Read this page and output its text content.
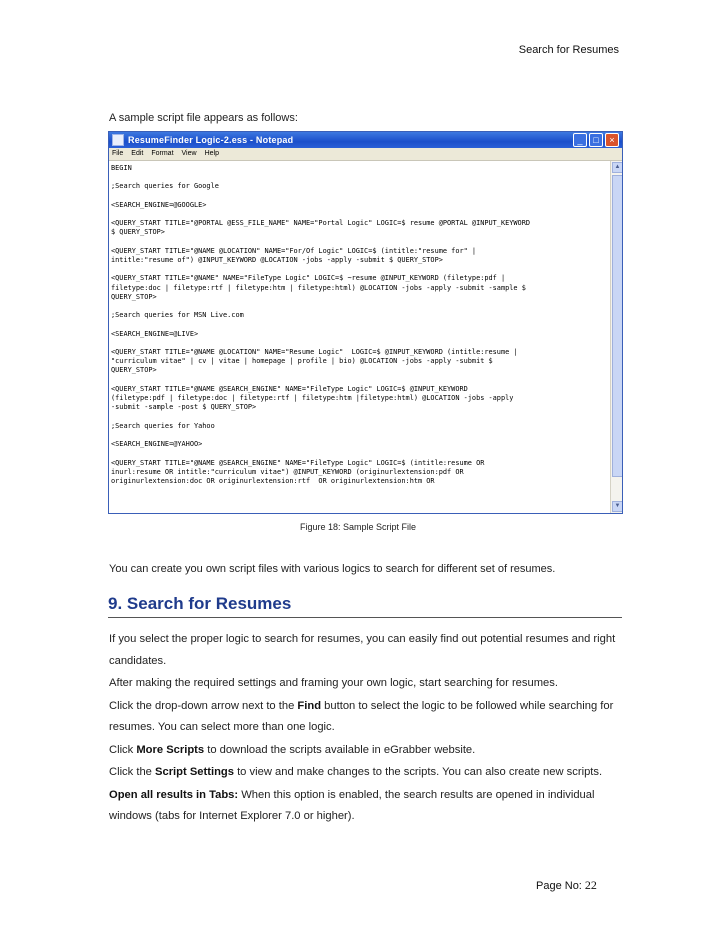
Search for Resumes
A sample script file appears as follows:
ResumeFinder Logic-2.ess - Notepad	_	□	×
File Edit Format View Help
BEGIN

;Search queries for Google

<SEARCH_ENGINE=@GOOGLE>

<QUERY_START TITLE="@PORTAL @ESS_FILE_NAME" NAME="Portal Logic" LOGIC=$ resume @PORTAL @INPUT_KEYWORD
$ QUERY_STOP>

<QUERY_START TITLE="@NAME @LOCATION" NAME="For/Of Logic" LOGIC=$ (intitle:"resume for" |
intitle:"resume of") @INPUT_KEYWORD @LOCATION -jobs -apply -submit $ QUERY_STOP>

<QUERY_START TITLE="@NAME" NAME="FileType Logic" LOGIC=$ ~resume @INPUT_KEYWORD (filetype:pdf |
filetype:doc | filetype:rtf | filetype:htm | filetype:html) @LOCATION -jobs -apply -submit -sample $
QUERY_STOP>

;Search queries for MSN Live.com

<SEARCH_ENGINE=@LIVE>

<QUERY_START TITLE="@NAME @LOCATION" NAME="Resume Logic"  LOGIC=$ @INPUT_KEYWORD (intitle:resume |
"curriculum vitae" | cv | vitae | homepage | profile | bio) @LOCATION -jobs -apply -submit $
QUERY_STOP>

<QUERY_START TITLE="@NAME @SEARCH_ENGINE" NAME="FileType Logic" LOGIC=$ @INPUT_KEYWORD
(filetype:pdf | filetype:doc | filetype:rtf | filetype:htm |filetype:html) @LOCATION -jobs -apply
-submit -sample -post $ QUERY_STOP>

;Search queries for Yahoo

<SEARCH_ENGINE=@YAHOO>

<QUERY_START TITLE="@NAME @SEARCH_ENGINE" NAME="FileType Logic" LOGIC=$ (intitle:resume OR
inurl:resume OR intitle:"curriculum vitae") @INPUT_KEYWORD (originurlextension:pdf OR
originurlextension:doc OR originurlextension:rtf  OR originurlextension:htm OR
▲
▼
Figure 18: Sample Script File
You can create you own script files with various logics to search for different set of resumes.
9. Search for Resumes
If you select the proper logic to search for resumes, you can easily find out potential resumes and right candidates.
After making the required settings and framing your own logic, start searching for resumes.
Click the drop-down arrow next to the Find button to select the logic to be followed while searching for resumes. You can select more than one logic.
Click More Scripts to download the scripts available in eGrabber website.
Click the Script Settings to view and make changes to the scripts. You can also create new scripts.
Open all results in Tabs: When this option is enabled, the search results are opened in individual windows (tabs for Internet Explorer 7.0 or higher).
Page No: 22
